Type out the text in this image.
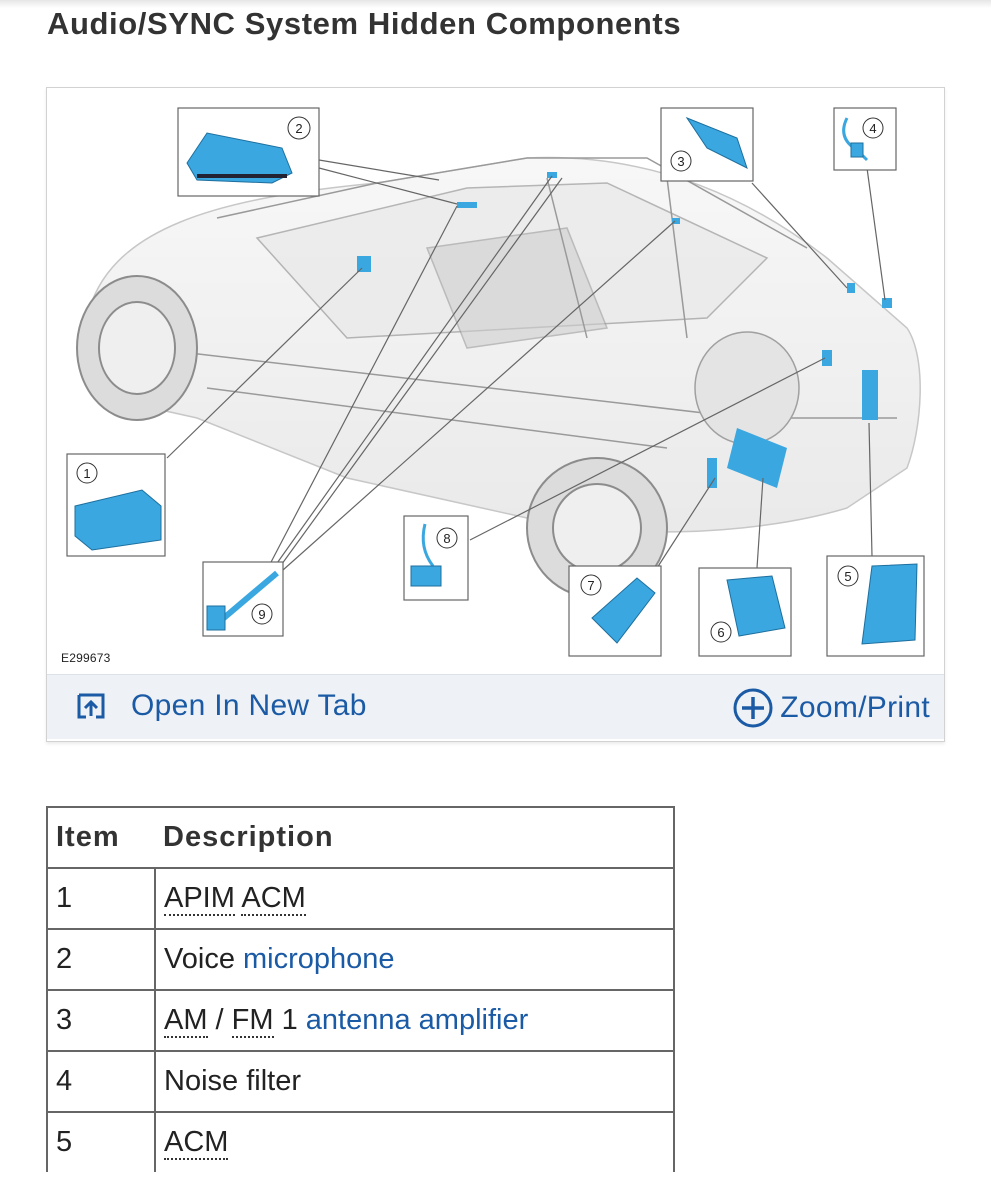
Audio/SYNC System Hidden Components
1
2
3
4
5
6
7
8
9
E299673
Open In New Tab	Zoom/Print
Item	Description
1	APIM ACM
2	Voice microphone
3	AM / FM 1 antenna amplifier
4	Noise filter
5	ACM
